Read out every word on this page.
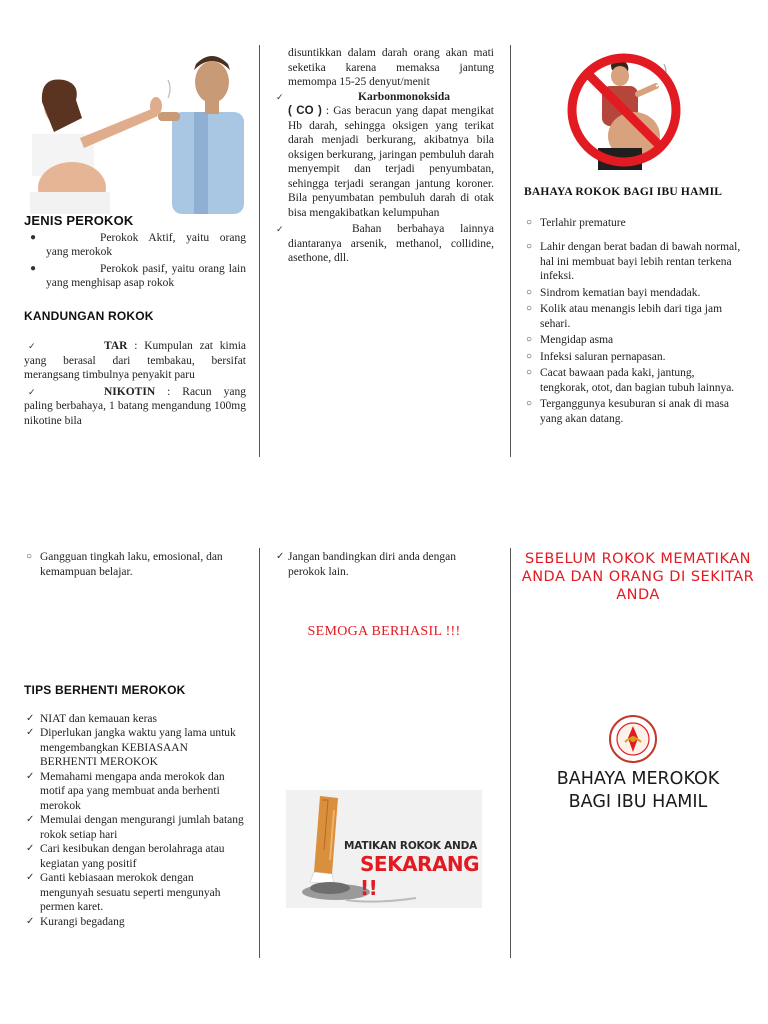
JENIS PEROKOK
●	Perokok Aktif, yaitu orang yang merokok
●	Perokok pasif, yaitu orang lain yang menghisap asap rokok
KANDUNGAN ROKOK
✓	TAR : Kumpulan zat kimia yang berasal dari tembakau, bersifat merangsang timbulnya penyakit paru
✓	NIKOTIN : Racun yang paling berbahaya, 1 batang mengandung 100mg nikotine bila
disuntikkan dalam darah orang akan mati seketika karena memaksa jantung memompa 15-25 denyut/menit
✓	Karbonmonoksida
( CO ) : Gas beracun yang dapat mengikat Hb darah, sehingga oksigen yang terikat darah menjadi berkurang, akibatnya bila oksigen berkurang, jaringan pembuluh darah menyempit dan terjadi penyumbatan, sehingga terjadi serangan jantung koroner. Bila penyumbatan pembuluh darah di otak bisa mengakibatkan kelumpuhan
✓	Bahan berbahaya lainnya diantaranya arsenik, methanol, collidine, asethone, dll.
BAHAYA ROKOK BAGI IBU HAMIL
○ Terlahir premature
○ Lahir dengan berat badan di bawah normal, hal ini membuat bayi lebih rentan terkena infeksi.
○ Sindrom kematian bayi mendadak.
○ Kolik atau menangis lebih dari tiga jam sehari.
○ Mengidap asma
○ Infeksi saluran pernapasan.
○ Cacat bawaan pada kaki, jantung, tengkorak, otot, dan bagian tubuh lainnya.
○ Terganggunya kesuburan si anak di masa yang akan datang.
○ Gangguan tingkah laku, emosional, dan kemampuan belajar.
TIPS BERHENTI MEROKOK
✓ NIAT dan kemauan keras
✓ Diperlukan jangka waktu yang lama untuk mengembangkan KEBIASAAN BERHENTI MEROKOK
✓ Memahami mengapa anda merokok dan motif apa yang membuat anda berhenti merokok
✓ Memulai dengan mengurangi jumlah batang rokok setiap hari
✓ Cari kesibukan dengan berolahraga atau kegiatan yang positif
✓ Ganti kebiasaan merokok dengan mengunyah sesuatu seperti mengunyah permen karet.
✓ Kurangi begadang
✓ Jangan bandingkan diri anda dengan perokok lain.
SEMOGA BERHASIL !!!
MATIKAN ROKOK ANDA
SEKARANG !!
SEBELUM ROKOK MEMATIKAN ANDA DAN ORANG DI SEKITAR ANDA
BAHAYA MEROKOK
BAGI IBU HAMIL
